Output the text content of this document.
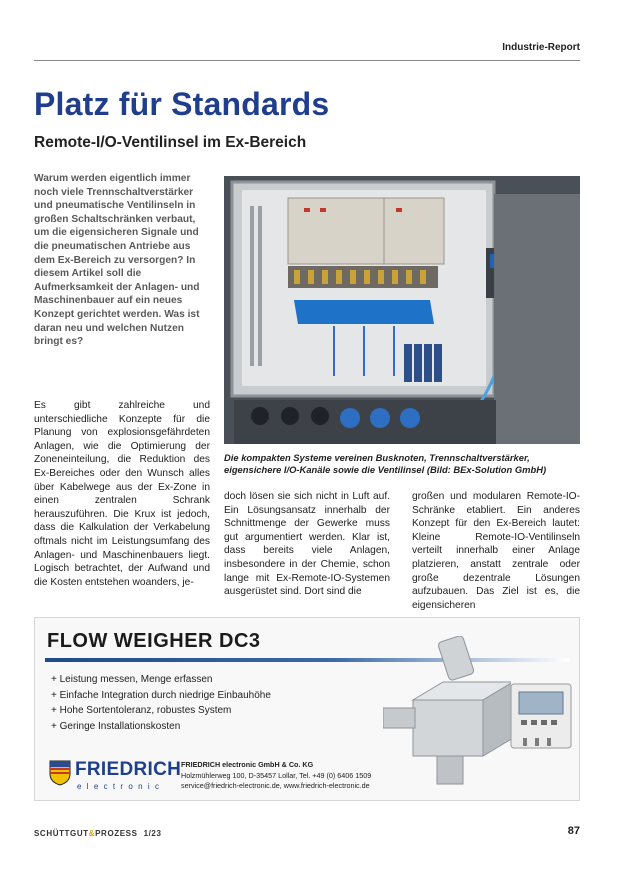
Industrie-Report
Platz für Standards
Remote-I/O-Ventilinsel im Ex-Bereich

Warum werden eigentlich immer noch viele Trennschaltverstärker und pneumatische Ventilinseln in großen Schaltschränken verbaut, um die eigensicheren Signale und die pneumatischen Antriebe aus dem Ex-Bereich zu versorgen? In diesem Artikel soll die Aufmerksamkeit der Anlagen- und Maschinenbauer auf ein neues Konzept gerichtet werden. Was ist daran neu und welchen Nutzen bringt es?

Es gibt zahlreiche und unterschiedliche Konzepte für die Planung von explosionsgefährdeten Anlagen, wie die Optimierung der Zoneneinteilung, die Reduktion des Ex-Bereiches oder den Wunsch alles über Kabelwege aus der Ex-Zone in einen zentralen Schrank herauszuführen. Die Krux ist jedoch, dass die Kalkulation der Verkabelung oftmals nicht im Leistungsumfang des Anlagen- und Maschinenbauers liegt. Logisch betrachtet, der Aufwand und die Kosten entstehen woanders, je-

Die kompakten Systeme vereinen Busknoten, Trennschaltverstärker, eigensichere I/O-Kanäle sowie die Ventilinsel (Bild: BEx-Solution GmbH)

doch lösen sie sich nicht in Luft auf. Ein Lösungsansatz innerhalb der Schnittmenge der Gewerke muss gut argumentiert werden. Klar ist, dass bereits viele Anlagen, insbesondere in der Chemie, schon lange mit Ex-Remote-IO-Systemen ausgerüstet sind. Dort sind die

großen und modularen Remote-IO-Schränke etabliert. Ein anderes Konzept für den Ex-Bereich lautet: Kleine Remote-IO-Ventilinseln verteilt innerhalb einer Anlage platzieren, anstatt zentrale oder große dezentrale Lösungen aufzubauen. Das Ziel ist es, die eigensicheren

FLOW WEIGHER DC3
+ Leistung messen, Menge erfassen
+ Einfache Integration durch niedrige Einbauhöhe
+ Hohe Sortentoleranz, robustes System
+ Geringe Installationskosten
FRIEDRICH
electronic
FRIEDRICH electronic GmbH & Co. KG
Holzmühlerweg 100, D-35457 Lollar, Tel. +49 (0) 6406 1509
service@friedrich-electronic.de, www.friedrich-electronic.de
SCHÜTTGUT&PROZESS 1/23	87
